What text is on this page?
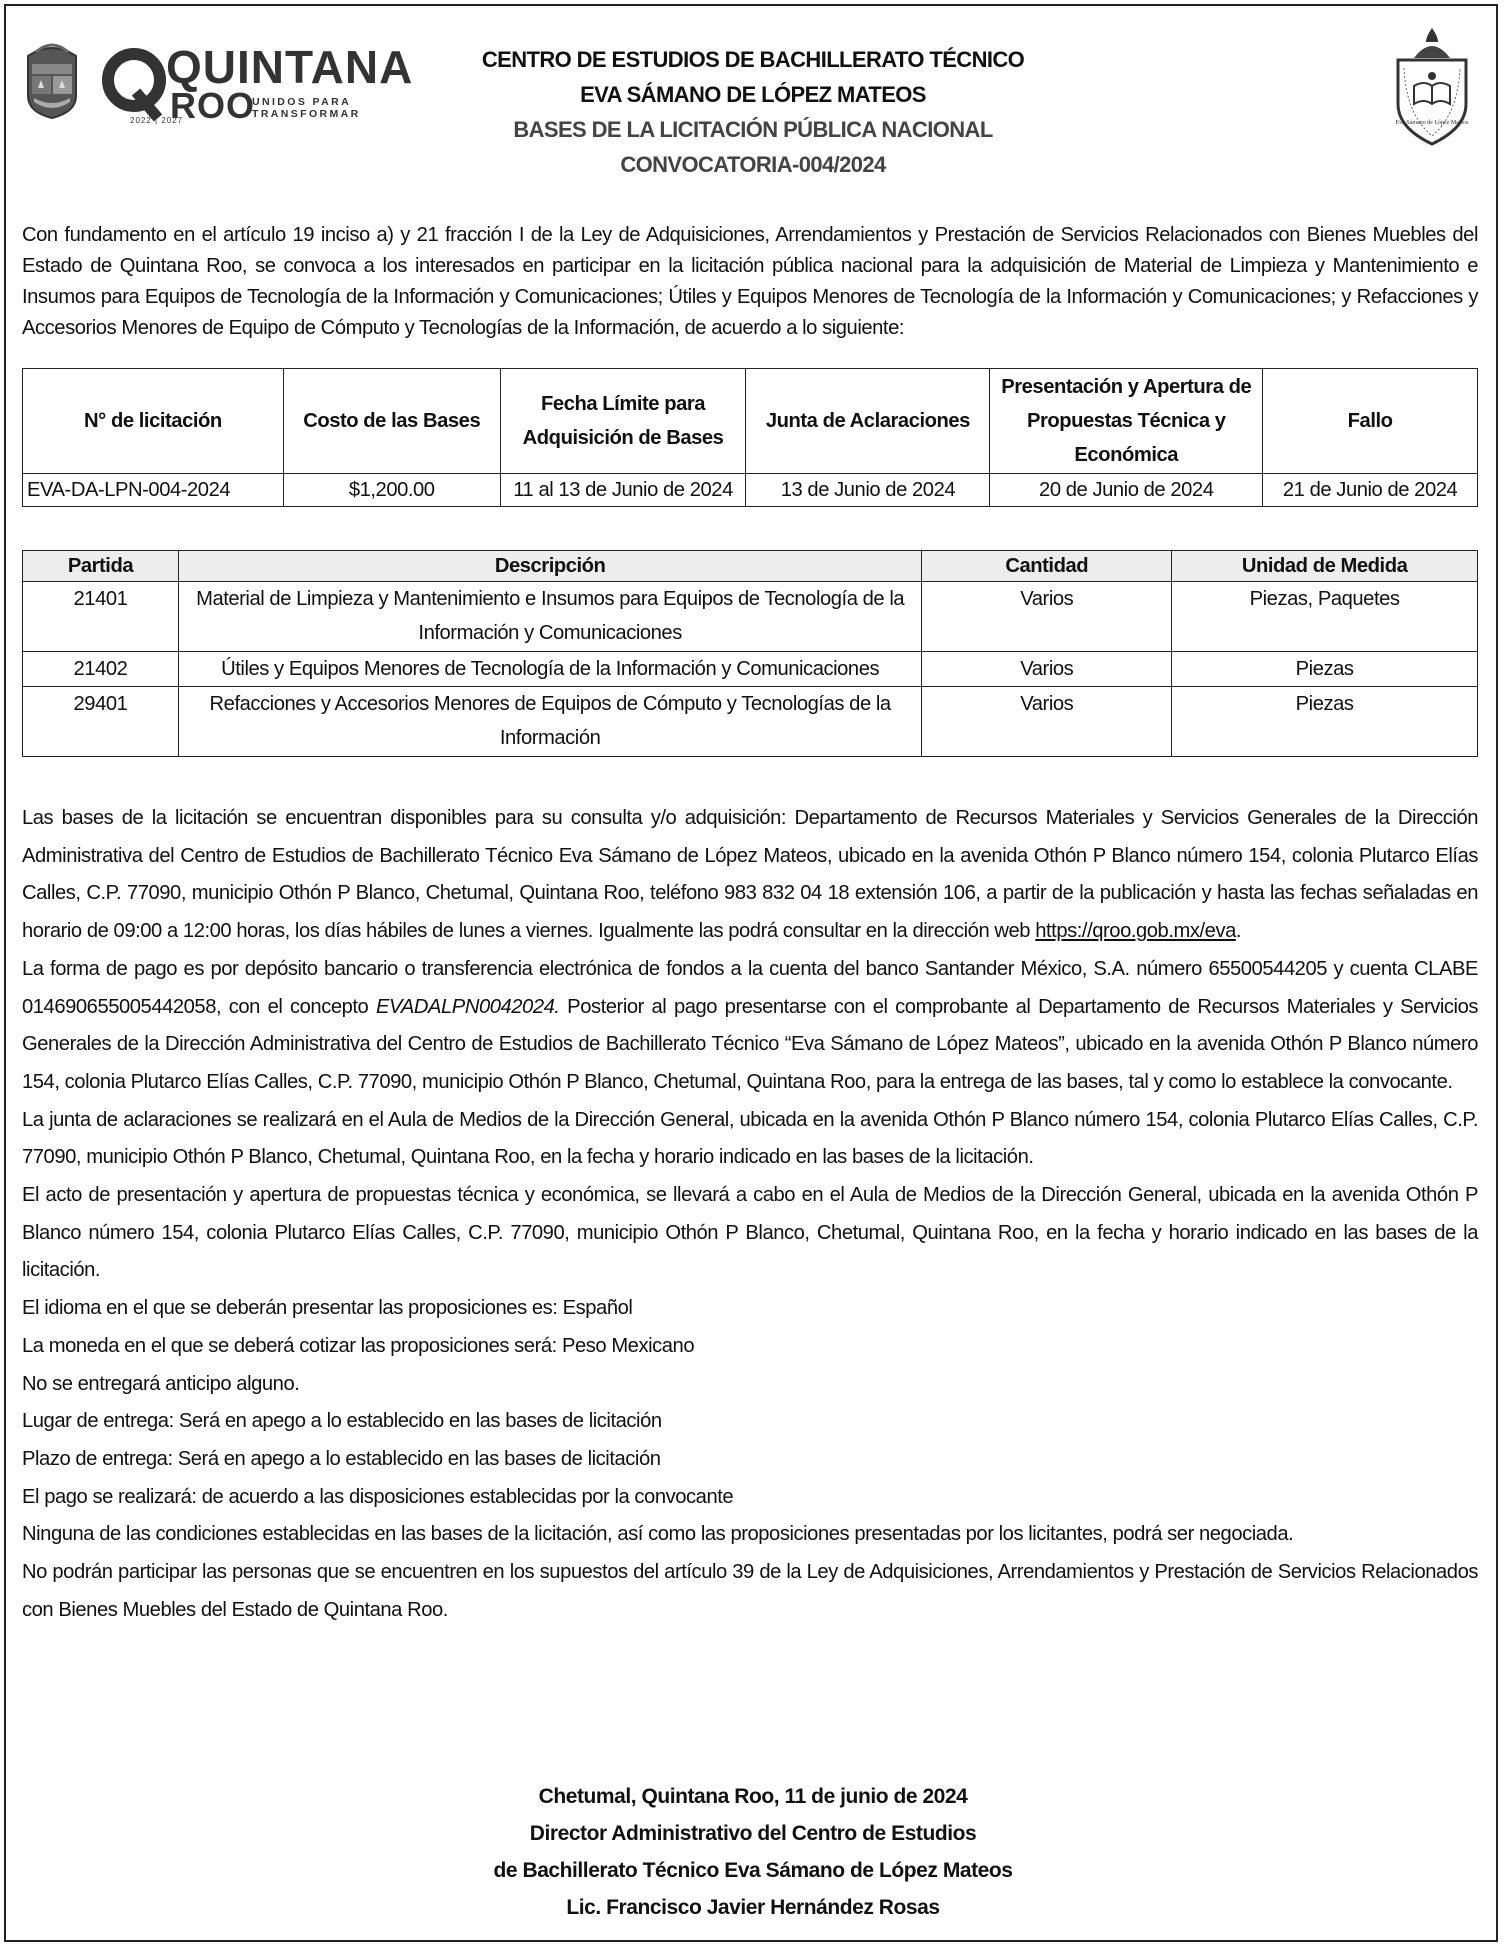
QUINTANA
ROO
UNIDOS PARA TRANSFORMAR
2022 | 2027
CENTRO DE ESTUDIOS DE BACHILLERATO TÉCNICO
EVA SÁMANO DE LÓPEZ MATEOS
BASES DE LA LICITACIÓN PÚBLICA NACIONAL
CONVOCATORIA-004/2024
Eva Sámano de López Mateos
Con fundamento en el artículo 19 inciso a) y 21 fracción I de la Ley de Adquisiciones, Arrendamientos y Prestación de Servicios Relacionados con Bienes Muebles del Estado de Quintana Roo, se convoca a los interesados en participar en la licitación pública nacional para la adquisición de Material de Limpieza y Mantenimiento e Insumos para Equipos de Tecnología de la Información y Comunicaciones; Útiles y Equipos Menores de Tecnología de la Información y Comunicaciones; y Refacciones y Accesorios Menores de Equipo de Cómputo y Tecnologías de la Información, de acuerdo a lo siguiente:
N° de licitación	Costo de las Bases	Fecha Límite para Adquisición de Bases	Junta de Aclaraciones	Presentación y Apertura de Propuestas Técnica y Económica	Fallo
EVA-DA-LPN-004-2024	$1,200.00	11 al 13 de Junio de 2024	13 de Junio de 2024	20 de Junio de 2024	21 de Junio de 2024
Partida	Descripción	Cantidad	Unidad de Medida
21401	Material de Limpieza y Mantenimiento e Insumos para Equipos de Tecnología de la Información y Comunicaciones	Varios	Piezas, Paquetes
21402	Útiles y Equipos Menores de Tecnología de la Información y Comunicaciones	Varios	Piezas
29401	Refacciones y Accesorios Menores de Equipos de Cómputo y Tecnologías de la Información	Varios	Piezas

Las bases de la licitación se encuentran disponibles para su consulta y/o adquisición: Departamento de Recursos Materiales y Servicios Generales de la Dirección Administrativa del Centro de Estudios de Bachillerato Técnico Eva Sámano de López Mateos, ubicado en la avenida Othón P Blanco número 154, colonia Plutarco Elías Calles, C.P. 77090, municipio Othón P Blanco, Chetumal, Quintana Roo, teléfono 983 832 04 18 extensión 106, a partir de la publicación y hasta las fechas señaladas en horario de 09:00 a 12:00 horas, los días hábiles de lunes a viernes. Igualmente las podrá consultar en la dirección web https://qroo.gob.mx/eva.

La forma de pago es por depósito bancario o transferencia electrónica de fondos a la cuenta del banco Santander México, S.A. número 65500544205 y cuenta CLABE 014690655005442058, con el concepto EVADALPN0042024. Posterior al pago presentarse con el comprobante al Departamento de Recursos Materiales y Servicios Generales de la Dirección Administrativa del Centro de Estudios de Bachillerato Técnico “Eva Sámano de López Mateos”, ubicado en la avenida Othón P Blanco número 154, colonia Plutarco Elías Calles, C.P. 77090, municipio Othón P Blanco, Chetumal, Quintana Roo, para la entrega de las bases, tal y como lo establece la convocante.

La junta de aclaraciones se realizará en el Aula de Medios de la Dirección General, ubicada en la avenida Othón P Blanco número 154, colonia Plutarco Elías Calles, C.P. 77090, municipio Othón P Blanco, Chetumal, Quintana Roo, en la fecha y horario indicado en las bases de la licitación.

El acto de presentación y apertura de propuestas técnica y económica, se llevará a cabo en el Aula de Medios de la Dirección General, ubicada en la avenida Othón P Blanco número 154, colonia Plutarco Elías Calles, C.P. 77090, municipio Othón P Blanco, Chetumal, Quintana Roo, en la fecha y horario indicado en las bases de la licitación.

El idioma en el que se deberán presentar las proposiciones es: Español

La moneda en el que se deberá cotizar las proposiciones será: Peso Mexicano

No se entregará anticipo alguno.

Lugar de entrega: Será en apego a lo establecido en las bases de licitación

Plazo de entrega: Será en apego a lo establecido en las bases de licitación

El pago se realizará: de acuerdo a las disposiciones establecidas por la convocante

Ninguna de las condiciones establecidas en las bases de la licitación, así como las proposiciones presentadas por los licitantes, podrá ser negociada.

No podrán participar las personas que se encuentren en los supuestos del artículo 39 de la Ley de Adquisiciones, Arrendamientos y Prestación de Servicios Relacionados con Bienes Muebles del Estado de Quintana Roo.

Chetumal, Quintana Roo, 11 de junio de 2024
Director Administrativo del Centro de Estudios
de Bachillerato Técnico Eva Sámano de López Mateos
Lic. Francisco Javier Hernández Rosas
